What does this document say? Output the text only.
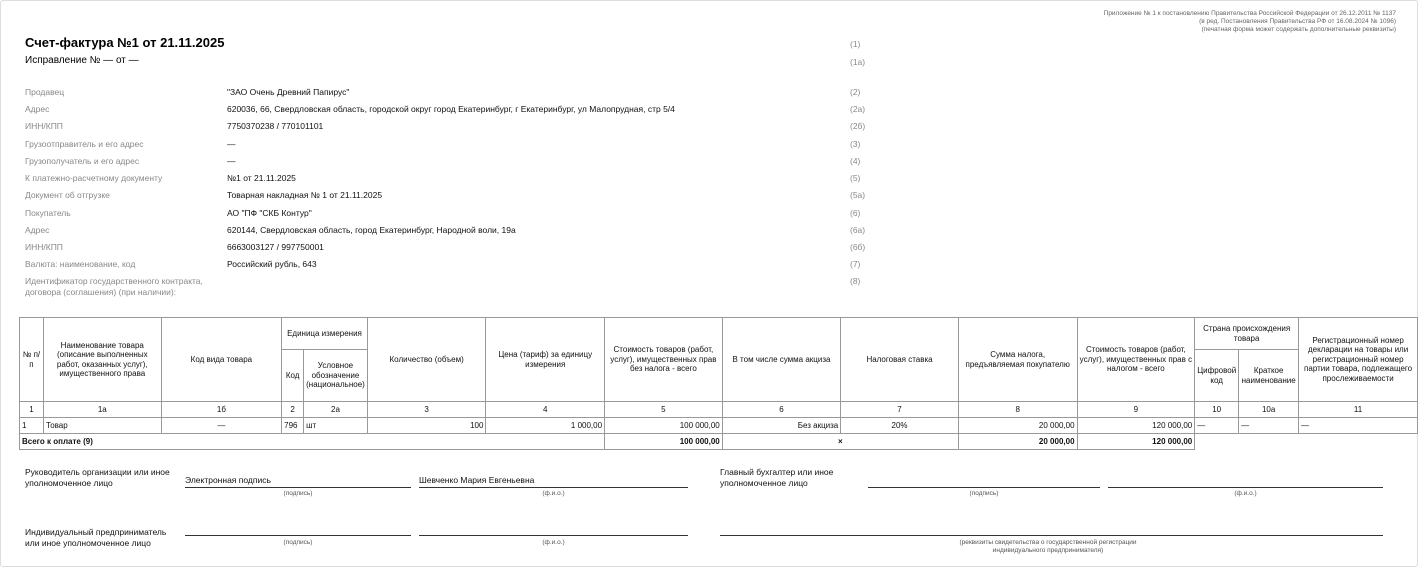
Приложение № 1 к постановлению Правительства Российской Федерации от 26.12.2011 № 1137
(в ред. Постановления Правительства РФ от 16.08.2024 № 1096)
(печатная форма может содержать дополнительные реквизиты)
Счет-фактура №1 от 21.11.2025	(1)
Исправление № — от —	(1а)
Продавец	"ЗАО Очень Древний Папирус"	(2)
Адрес	620036, 66, Свердловская область, городской округ город Екатеринбург, г Екатеринбург, ул Малопрудная, стр 5/4	(2а)
ИНН/КПП	7750370238 / 770101101	(2б)
Грузоотправитель и его адрес	—	(3)
Грузополучатель и его адрес	—	(4)
К платежно-расчетному документу	№1 от 21.11.2025	(5)
Документ об отгрузке	Товарная накладная № 1 от 21.11.2025	(5а)
Покупатель	АО "ПФ "СКБ Контур"	(6)
Адрес	620144, Свердловская область, город Екатеринбург, Народной воли, 19а	(6а)
ИНН/КПП	6663003127 / 997750001	(6б)
Валюта: наименование, код	Российский рубль, 643	(7)
Идентификатор государственного контракта, договора (соглашения) (при наличии):
(8)
№ п/п	Наименование товара (описание выполненных работ, оказанных услуг), имущественного права	Код вида товара	Единица измерения		Количество (объем)	Цена (тариф) за единицу измерения	Стоимость товаров (работ, услуг), имущественных прав без налога - всего	В том числе сумма акциза	Налоговая ставка	Сумма налога, предъявляемая покупателю	Стоимость товаров (работ, услуг), имущественных прав с налогом - всего	Страна происхождения товара		Регистрационный номер декларации на товары или регистрационный номер партии товара, подлежащего прослеживаемости
			Код	Условное обозначение (национальное)								Цифровой код	Краткое наименование	
1	1а	1б	2	2а	3	4	5	6	7	8	9	10	10а	11
1	Товар	—	796	шт	100	1 000,00	100 000,00	Без акциза	20%	20 000,00	120 000,00	—	—	—
Всего к оплате (9)							100 000,00	×		20 000,00	120 000,00			
Руководитель организации или иное уполномоченное лицо	Электронная подпись
(подпись)
Шевченко Мария Евгеньевна
(ф.и.о.)
Главный бухгалтер или иное уполномоченное лицо
(подпись)	(ф.и.о.)
Индивидуальный предприниматель или иное уполномоченное лицо	(подпись)	(ф.и.о.)	(реквизиты свидетельства о государственной регистрации индивидуального предпринимателя)
